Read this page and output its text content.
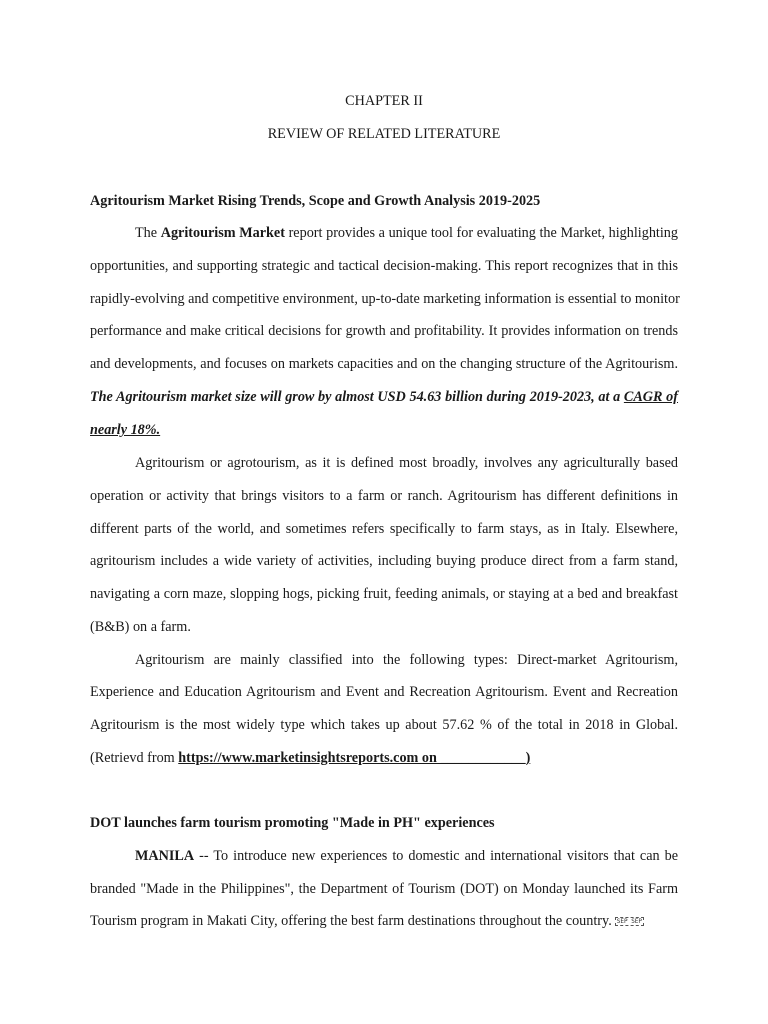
CHAPTER II
REVIEW OF RELATED LITERATURE
Agritourism Market Rising Trends, Scope and Growth Analysis 2019-2025
The Agritourism Market report provides a unique tool for evaluating the Market, highlighting
opportunities, and supporting strategic and tactical decision-making. This report recognizes that in this
rapidly-evolving and competitive environment, up-to-date marketing information is essential to monitor
performance and make critical decisions for growth and profitability. It provides information on trends
and developments, and focuses on markets capacities and on the changing structure of the Agritourism.
The Agritourism market size will grow by almost USD 54.63 billion during 2019-2023, at a CAGR of
nearly 18%.
Agritourism or agrotourism, as it is defined most broadly, involves any agriculturally based
operation or activity that brings visitors to a farm or ranch. Agritourism has different definitions in
different parts of the world, and sometimes refers specifically to farm stays, as in Italy. Elsewhere,
agritourism includes a wide variety of activities, including buying produce direct from a farm stand,
navigating a corn maze, slopping hogs, picking fruit, feeding animals, or staying at a bed and breakfast
(B&B) on a farm.
Agritourism are mainly classified into the following types: Direct-market Agritourism,
Experience and Education Agritourism and Event and Recreation Agritourism. Event and Recreation
Agritourism is the most widely type which takes up about 57.62 % of the total in 2018 in Global.
(Retrievd from https://www.marketinsightsreports.com on ____________)
DOT launches farm tourism promoting "Made in PH" experiences
MANILA -- To introduce new experiences to domestic and international visitors that can be
branded "Made in the Philippines", the Department of Tourism (DOT) on Monday launched its Farm
Tourism program in Makati City, offering the best farm destinations throughout the country. SEP SEP
